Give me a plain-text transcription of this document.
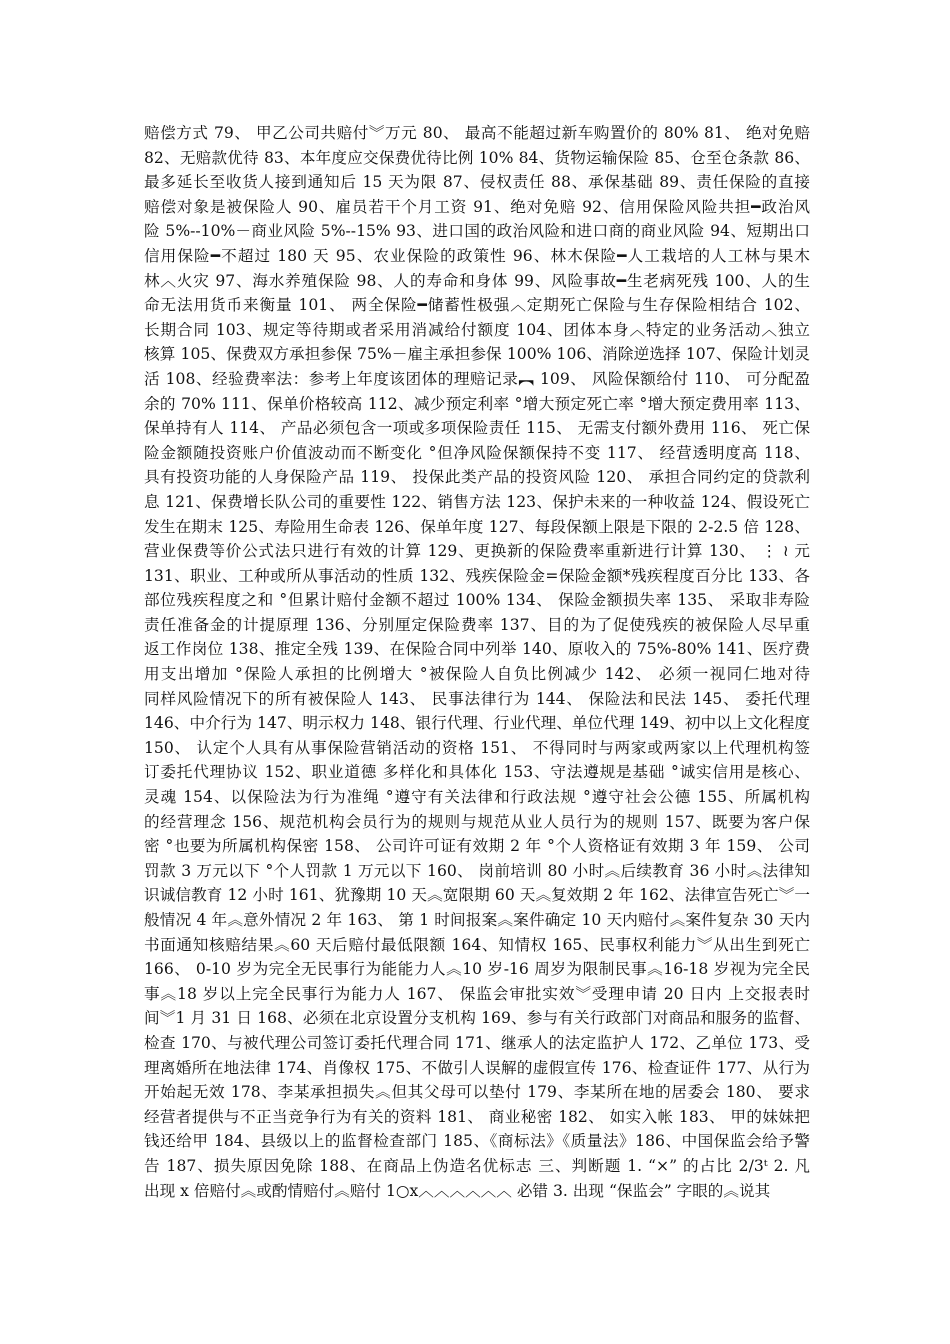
赔偿方式 79、 甲乙公司共赔付︾万元 80、 最高不能超过新车购置价的 80% 81、 绝对免赔
82、无赔款优待 83、本年度应交保费优待比例 10% 84、货物运输保险 85、仓至仓条款 86、
最多延长至收货人接到通知后 15 天为限 87、侵权责任 88、承保基础 89、责任保险的直接
赔偿对象是被保险人 90、雇员若干个月工资 91、绝对免赔 92、信用保险风险共担━政治风
险 5%--10%－商业风险 5%--15% 93、进口国的政治风险和进口商的商业风险 94、短期出口
信用保险━不超过 180 天 95、农业保险的政策性 96、林木保险━人工栽培的人工林与果木
林︿火灾 97、海水养殖保险 98、人的寿命和身体 99、风险事故━生老病死残 100、人的生
命无法用货币来衡量 101、 两全保险━储蓄性极强︿定期死亡保险与生存保险相结合 102、
长期合同 103、规定等待期或者采用消减给付额度 104、团体本身︿特定的业务活动︿独立
核算 105、保费双方承担参保 75%－雇主承担参保 100% 106、消除逆选择 107、保险计划灵
活 108、经验费率法：参考上年度该团体的理赔记录︻ 109、 风险保额给付 110、 可分配盈
余的 70% 111、保单价格较高 112、减少预定利率 °增大预定死亡率 °增大预定费用率 113、
保单持有人 114、 产品必须包含一项或多项保险责任 115、 无需支付额外费用 116、 死亡保
险金额随投资账户价值波动而不断变化 °但净风险保额保持不变 117、 经营透明度高 118、
具有投资功能的人身保险产品 119、 投保此类产品的投资风险 120、 承担合同约定的贷款利
息 121、保费增长队公司的重要性 122、销售方法 123、保护未来的一种收益 124、假设死亡
发生在期末 125、寿险用生命表 126、保单年度 127、每段保额上限是下限的 2-2.5 倍 128、
营业保费等价公式法只进行有效的计算 129、更换新的保险费率重新进行计算 130、 ⋮ ≀ 元
131、职业、工种或所从事活动的性质 132、残疾保险金=保险金额*残疾程度百分比 133、各
部位残疾程度之和 °但累计赔付金额不超过 100% 134、 保险金额损失率 135、 采取非寿险
责任准备金的计提原理 136、分别厘定保险费率 137、目的为了促使残疾的被保险人尽早重
返工作岗位 138、推定全残 139、在保险合同中列举 140、原收入的 75%-80% 141、医疗费
用支出增加 °保险人承担的比例增大 °被保险人自负比例减少 142、 必须一视同仁地对待
同样风险情况下的所有被保险人 143、 民事法律行为 144、 保险法和民法 145、 委托代理
146、中介行为 147、明示权力 148、银行代理、行业代理、单位代理 149、初中以上文化程度
150、 认定个人具有从事保险营销活动的资格 151、 不得同时与两家或两家以上代理机构签
订委托代理协议 152、职业道德 多样化和具体化 153、守法遵规是基础 °诚实信用是核心、
灵魂 154、以保险法为行为准绳 °遵守有关法律和行政法规 °遵守社会公德 155、所属机构
的经营理念 156、规范机构会员行为的规则与规范从业人员行为的规则 157、既要为客户保
密 °也要为所属机构保密 158、 公司许可证有效期 2 年 °个人资格证有效期 3 年 159、 公司
罚款 3 万元以下 °个人罚款 1 万元以下 160、 岗前培训 80 小时︽后续教育 36 小时︽法律知
识诚信教育 12 小时 161、犹豫期 10 天︽宽限期 60 天︽复效期 2 年 162、法律宣告死亡︾一
般情况 4 年︽意外情况 2 年 163、 第 1 时间报案︽案件确定 10 天内赔付︽案件复杂 30 天内
书面通知核赔结果︽60 天后赔付最低限额 164、知情权 165、民事权利能力︾从出生到死亡
166、 0-10 岁为完全无民事行为能能力人︽10 岁-16 周岁为限制民事︽16-18 岁视为完全民
事︽18 岁以上完全民事行为能力人 167、 保监会审批实效︾受理申请 20 日内 上交报表时
间︾1 月 31 日 168、必须在北京设置分支机构 169、参与有关行政部门对商品和服务的监督、
检查 170、与被代理公司签订委托代理合同 171、继承人的法定监护人 172、乙单位 173、受
理离婚所在地法律 174、肖像权 175、不做引人误解的虚假宣传 176、检查证件 177、从行为
开始起无效 178、李某承担损失︽但其父母可以垫付 179、李某所在地的居委会 180、 要求
经营者提供与不正当竞争行为有关的资料 181、 商业秘密 182、 如实入帐 183、 甲的妹妹把
钱还给甲 184、县级以上的监督检查部门 185、《商标法》《质量法》186、中国保监会给予警
告 187、损失原因免除 188、在商品上伪造名优标志 三、判断题 1. “×” 的占比 2/3ᵗ 2. 凡
出现 x 倍赔付︽或酌情赔付︽赔付 1○x︿︿︿︿︿︿ 必错 3. 出现 “保监会” 字眼的︽说其
